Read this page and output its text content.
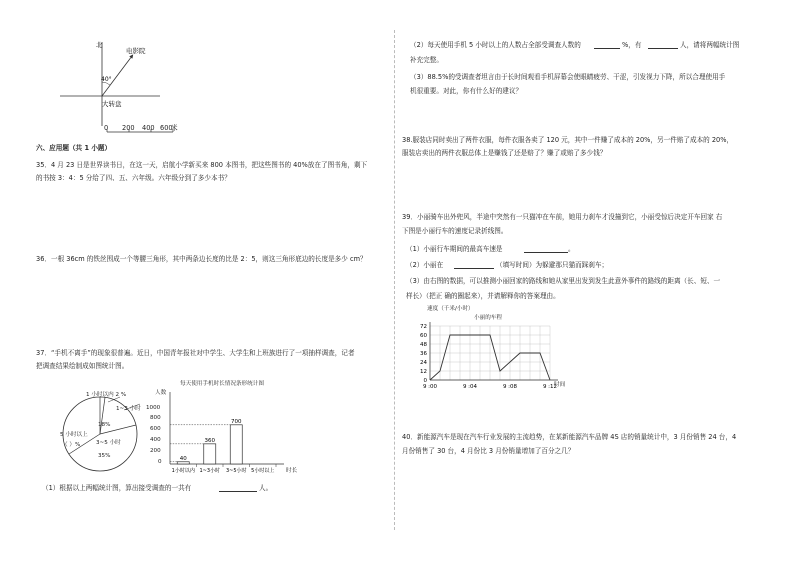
北
电影院
40°
大转盘
0 200 400 600
米
六、应用题（共 1 小题）
35．4 月 23 日是世界读书日，在这一天，启航小学新买来 800 本图书，把这些图书的 40%放在了图书角，剩下
的书按 3：4：5 分给了四、五、六年级。六年级分到了多少本书？
36．一根 36cm 的铁丝围成一个等腰三角形，其中两条边长度的比是 2：5，则这三角形底边的长度是多少 cm？
37．“手机不离手”的现象很普遍。近日，中国青年报社对中学生、大学生和上班族进行了一项抽样调查，记者
把调查结果绘制成如图统计图。
1 小时以内 2 %
1~3 小时
18%
5 小时以上
（ ）%	3~5 小时
35%
每天使用手机时长情况条形统计图
人数
1000
800
600
400
200
0
时长
40
1小时以内
360
1~3小时
700
3~5小时 5小时以上
（1）根据以上两幅统计图，算出接受调查的一共有	人。
（2）每天使用手机 5 小时以上的人数占全部受调查人数的	%，有	人，请将两幅统计图
补充完整。
（3）88.5%的受调查者坦言由于长时间观看手机屏幕会使眼睛疲劳、干涩，引发视力下降，所以合理使用手
机很重要。对此，你有什么好的建议？
38.服装店同时卖出了两件衣服，每件衣服各卖了 120 元，其中一件赚了成本的 20%，另一件赔了成本的 20%，
服装店卖出的两件衣服总体上是赚钱了还是赔了？赚了或赔了多少钱？
39．小丽骑车出外兜风，半途中突然有一只猫冲在车前，她用力刹车才没撞到它，小丽受惊后决定开车回家 右
下图是小丽行车的速度记录折线图。
（1）小丽行车期间的最高车速是	。
（2）小丽在	（填写时间）为躲避那只猫而踩刹车；
（3）由右图的数据，可以推测小丽回家的路线和她从家里出发到发生此意外事件的路线的距离（长、短、一
样长）（把正 确的圈起来），并请解释你的答案理由。
速度（千米/小时）
小丽的车程
0
12
24
36
48
60
72
9 :00	9 :04	9 :08	9 :12
时间
40．新能源汽车是现在汽车行业发展的主流趋势，在某新能源汽车品牌 4S 店的销量统计中，3 月份销售 24 台，4
月份销售了 30 台，4 月份比 3 月份销量增加了百分之几？
